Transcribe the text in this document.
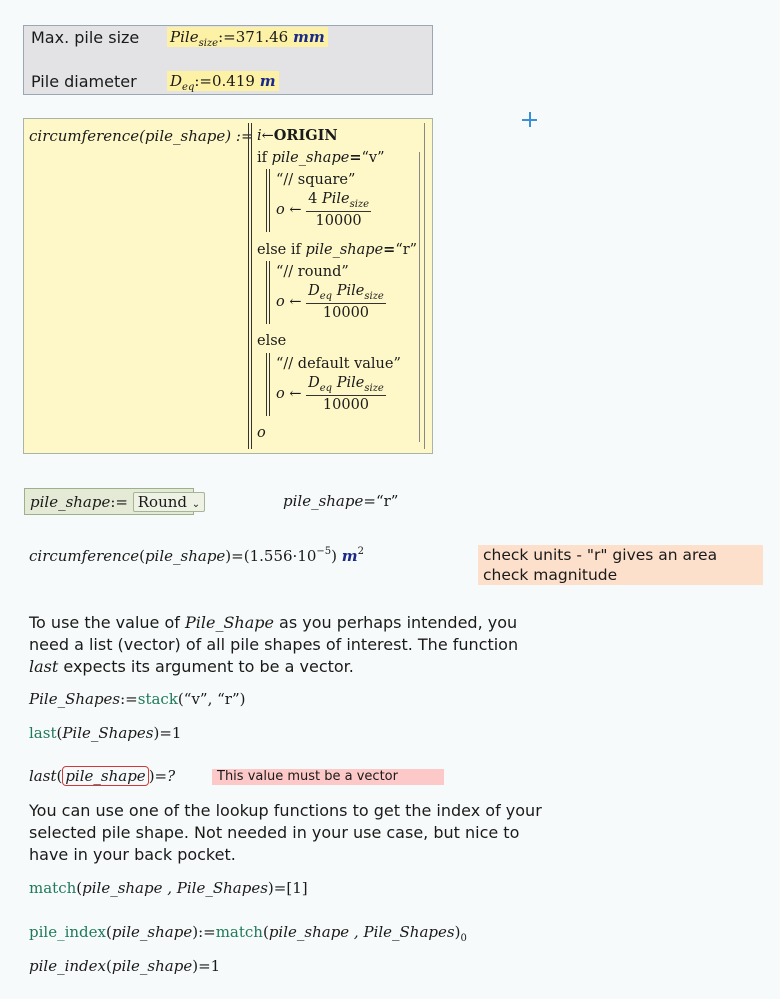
Max. pile size Pile$_{size}$:=371.46 mm
Pile diameter $D_{eq}:=0.419$ m
circumference(pile_shape) := i←ORIGIN
if pile_shape=“v”
“// square”
o ← $\frac{4 Pile_{size}}{10000}$
else if pile_shape=“r”
“// round”
o ← $\frac{D_{eq} Pile_{size}}{10000}$
else
“// default value”
o ← $\frac{D_{eq} Pile_{size}}{10000}$
o
pile_shape:= Round ⌄	pile_shape=“r”
$circumference(pile\_shape)=(1.556\cdot 10^{-5})$ $m^2$	check units - "r" gives an area
check magnitude
To use the value of Pile_Shape as you perhaps intended, you need a list (vector) of all pile shapes of interest. The function last expects its argument to be a vector.
Pile_Shapes:=stack(“v”, “r”)
last(Pile_Shapes)=1
last( pile_shape )=?	This value must be a vector
You can use one of the lookup functions to get the index of your selected pile shape. Not needed in your use case, but nice to have in your back pocket.
match(pile_shape , Pile_Shapes)=[1]
pile_index(pile_shape):=match(pile_shape , $Pile\_Shapes)_0$
pile_index(pile_shape)=1
